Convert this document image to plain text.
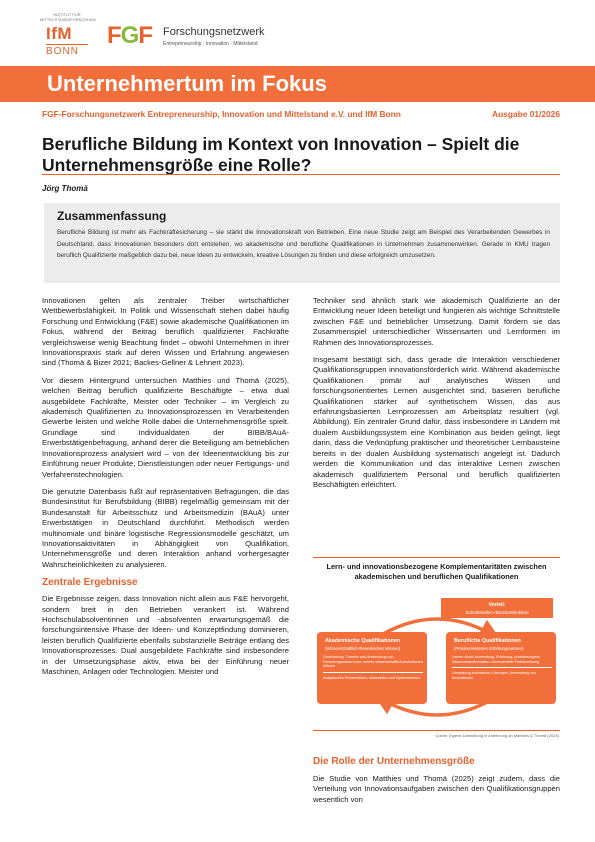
INSTITUT FÜR MITTELSTANDSFORSCHUNG
IfM
BONN
FGF Forschungsnetzwerk
Entrepreneurship · Innovation · Mittelstand
Unternehmertum im Fokus
FGF-Forschungsnetzwerk Entrepreneurship, Innovation und Mittelstand e.V. und IfM Bonn	Ausgabe 01/2026
Berufliche Bildung im Kontext von Innovation – Spielt die Unternehmensgröße eine Rolle?
Jörg Thomä
Zusammenfassung
Berufliche Bildung ist mehr als Fachkräftesicherung – sie stärkt die Innovationskraft von Betrieben. Eine neue Studie zeigt am Beispiel des Verarbeitenden Gewerbes in Deutschland, dass Innovationen besonders dort entstehen, wo akademische und berufliche Qualifikationen in Unternehmen zusammenwirken. Gerade in KMU tragen beruflich Qualifizierte maßgeblich dazu bei, neue Ideen zu entwickeln, kreative Lösungen zu finden und diese erfolgreich umzusetzen.

Innovationen gelten als zentraler Treiber wirtschaftlicher Wettbewerbsfähigkeit. In Politik und Wissenschaft stehen dabei häufig Forschung und Entwicklung (F&E) sowie akademische Qualifikationen im Fokus, während der Beitrag beruflich qualifizierter Fachkräfte vergleichsweise wenig Beachtung findet – obwohl Unternehmen in ihrer Innovationspraxis stark auf deren Wissen und Erfahrung angewiesen sind (Thomä & Bizer 2021; Backes-Gellner & Lehnert 2023).

Vor diesem Hintergrund untersuchen Matthies und Thomä (2025), welchen Beitrag beruflich qualifizierte Beschäftigte – etwa dual ausgebildete Fachkräfte, Meister oder Techniker – im Vergleich zu akademisch Qualifizierten zu Innovationsprozessen im Verarbeitenden Gewerbe leisten und welche Rolle dabei die Unternehmensgröße spielt. Grundlage sind Individualdaten der BIBB/BAuA-Erwerbstätigenbefragung, anhand derer die Beteiligung am betrieblichen Innovationsprozess analysiert wird – von der Ideenentwicklung bis zur Einführung neuer Produkte, Dienstleistungen oder neuer Fertigungs- und Verfahrenstechnologien.

Die genutzte Datenbasis fußt auf repräsentativen Befragungen, die das Bundesinstitut für Berufsbildung (BIBB) regelmäßig gemeinsam mit der Bundesanstalt für Arbeitsschutz und Arbeitsmedizin (BAuA) unter Erwerbstätigen in Deutschland durchführt. Methodisch werden multinomiale und binäre logistische Regressionsmodelle geschätzt, um Innovationsaktivitäten in Abhängigkeit von Qualifikation, Unternehmensgröße und deren Interaktion anhand vorhergesagter Wahrscheinlichkeiten zu analysieren.

Zentrale Ergebnisse

Die Ergebnisse zeigen, dass Innovation nicht allein aus F&E hervorgeht, sondern breit in den Betrieben verankert ist. Während Hochschulabsolventinnen und -absolventen erwartungsgemäß die forschungsintensive Phase der Ideen- und Konzeptfindung dominieren, leisten beruflich Qualifizierte ebenfalls substanzielle Beiträge entlang des Innovationsprozesses. Dual ausgebildete Fachkräfte sind insbesondere in der Umsetzungsphase aktiv, etwa bei der Einführung neuer Maschinen, Anlagen oder Technologien. Meister und

Techniker sind ähnlich stark wie akademisch Qualifizierte an der Entwicklung neuer Ideen beteiligt und fungieren als wichtige Schnittstelle zwischen F&E und betrieblicher Umsetzung. Damit fördern sie das Zusammenspiel unterschiedlicher Wissensarten und Lernformen im Rahmen des Innovationsprozesses.

Insgesamt bestätigt sich, dass gerade die Interaktion verschiedener Qualifikationsgruppen innovationsförderlich wirkt. Während akademische Qualifikationen primär auf analytisches Wissen und forschungsorientiertes Lernen ausgerichtet sind, basieren berufliche Qualifikationen stärker auf synthetischem Wissen, das aus erfahrungsbasierten Lernprozessen am Arbeitsplatz resultiert (vgl. Abbildung). Ein zentraler Grund dafür, dass insbesondere in Ländern mit dualem Ausbildungssystem eine Kombination aus beiden gelingt, liegt darin, dass die Verknüpfung praktischer und theoretischer Lernbausteine bereits in der dualen Ausbildung systematisch angelegt ist. Dadurch werden die Kommunikation und das interaktive Lernen zwischen akademisch qualifiziertem Personal und beruflich qualifizierten Beschäftigten erleichtert.

Lern- und innovationsbezogene Komplementaritäten zwischen akademischen und beruflichen Qualifikationen
Vorteil:
Schnittstellen-/Brückenfunktion
Akademische Qualifikationen
(Wissenschaftlich-theoretisches Wissen)
Generierung, Transfer und Anwendung von Forschungswissen bzw. neuem wissenschaftlich-technischen Wissen
Analytisches Problemlösen, Abstraktion und Systemdenken
Berufliche Qualifikationen
(Praxisorientiertes Erfahrungswissen)
Lernen durch Anwendung, Erfahrung, praxisbezogene Wissenstransformation, inkrementelle Problemlösung
Umsetzung technischer Lösungen, Anwendung von Innovationen
Quelle: Eigene Darstellung in Anlehnung an Matthies & Thomä (2025).
Die Rolle der Unternehmensgröße
Die Studie von Matthies und Thomä (2025) zeigt zudem, dass die Verteilung von Innovationsaufgaben zwischen den Qualifikationsgruppen wesentlich von
